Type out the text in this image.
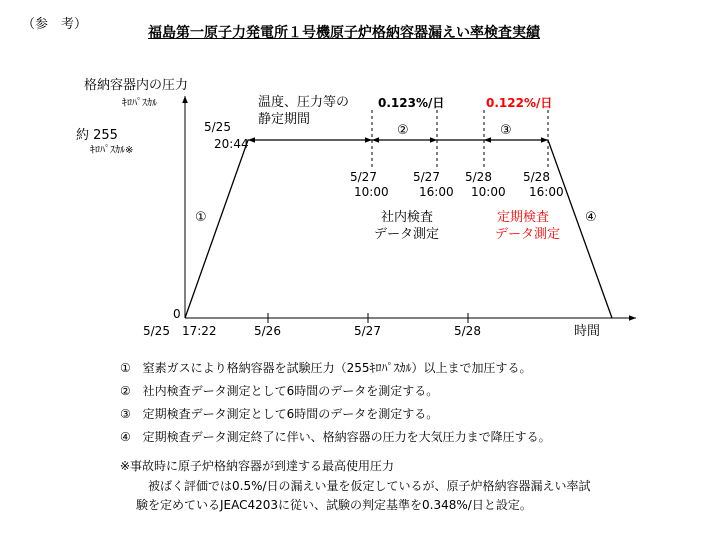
（参　考）
福島第一原子力発電所１号機原子炉格納容器漏えい率検査実績
格納容器内の圧力
ｷﾛﾊﾟｽｶﾙ
約 255
ｷﾛﾊﾟｽｶﾙ※
0
時間
5/25　17:22	5/26	5/27	5/28
5/25
20:44
温度、圧力等の
静定期間
0.123%/日	0.122%/日
②	③
①	④
5/27
10:00
5/27
16:00
5/28
10:00
5/28
16:00
社内検査
データ測定
定期検査
データ測定
① 窒素ガスにより格納容器を試験圧力（255ｷﾛﾊﾟｽｶﾙ）以上まで加圧する。
② 社内検査データ測定として6時間のデータを測定する。
③ 定期検査データ測定として6時間のデータを測定する。
④ 定期検査データ測定終了に伴い、格納容器の圧力を大気圧力まで降圧する。
※事故時に原子炉格納容器が到達する最高使用圧力
被ばく評価では0.5%/日の漏えい量を仮定しているが、原子炉格納容器漏えい率試
験を定めているJEAC4203に従い、試験の判定基準を0.348%/日と設定。
